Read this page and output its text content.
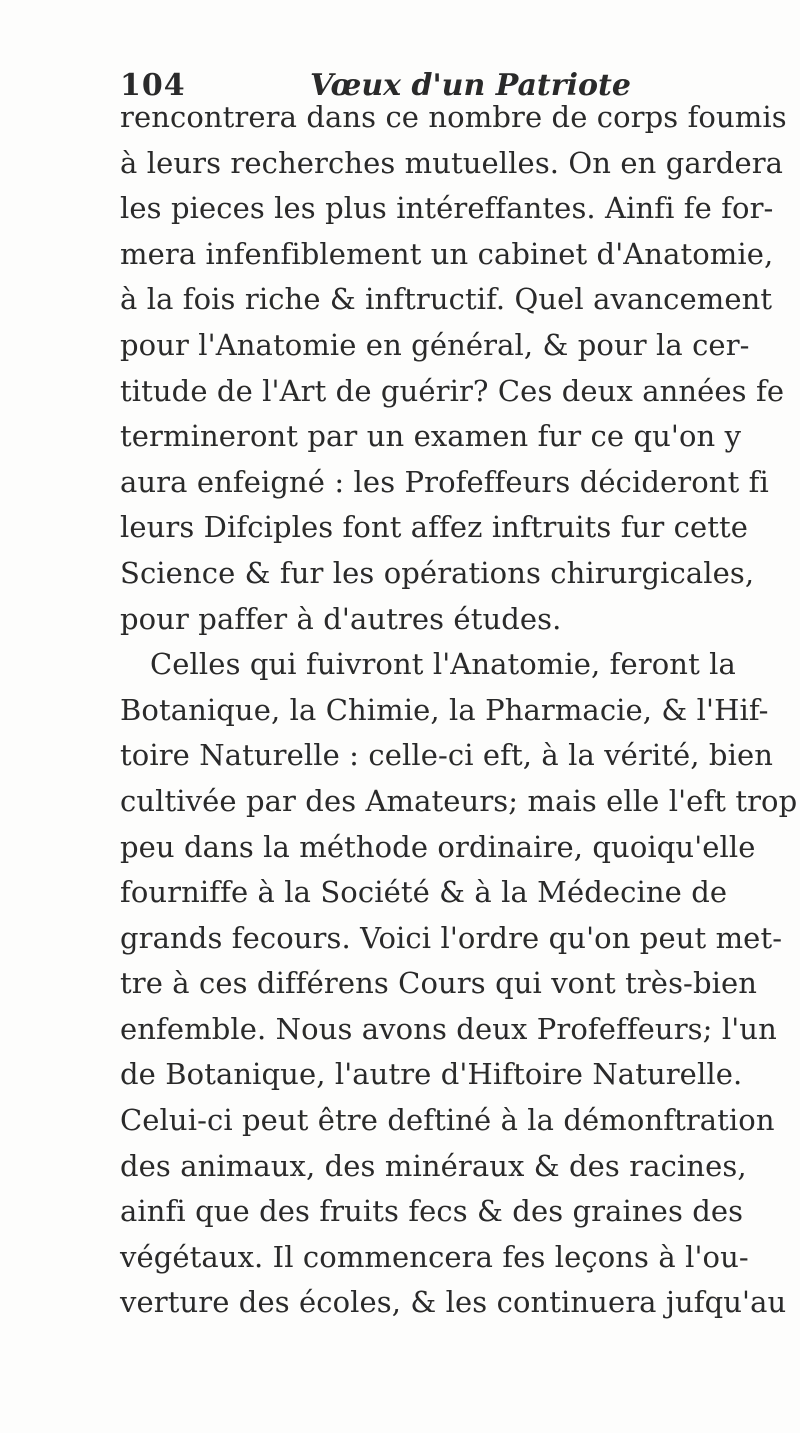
104	Vœux d'un Patriote
rencontrera dans ce nombre de corps foumis
à leurs recherches mutuelles. On en gardera
les pieces les plus intéreffantes. Ainfi fe for-
mera infenfiblement un cabinet d'Anatomie,
à la fois riche & inftructif. Quel avancement
pour l'Anatomie en général, & pour la cer-
titude de l'Art de guérir? Ces deux années fe
termineront par un examen fur ce qu'on y
aura enfeigné : les Profeffeurs décideront fi
leurs Difciples font affez inftruits fur cette
Science & fur les opérations chirurgicales,
pour paffer à d'autres études.
Celles qui fuivront l'Anatomie, feront la
Botanique, la Chimie, la Pharmacie, & l'Hif-
toire Naturelle : celle-ci eft, à la vérité, bien
cultivée par des Amateurs; mais elle l'eft trop
peu dans la méthode ordinaire, quoiqu'elle
fourniffe à la Société & à la Médecine de
grands fecours. Voici l'ordre qu'on peut met-
tre à ces différens Cours qui vont très-bien
enfemble. Nous avons deux Profeffeurs; l'un
de Botanique, l'autre d'Hiftoire Naturelle.
Celui-ci peut être deftiné à la démonftration
des animaux, des minéraux & des racines,
ainfi que des fruits fecs & des graines des
végétaux. Il commencera fes leçons à l'ou-
verture des écoles, & les continuera jufqu'au
